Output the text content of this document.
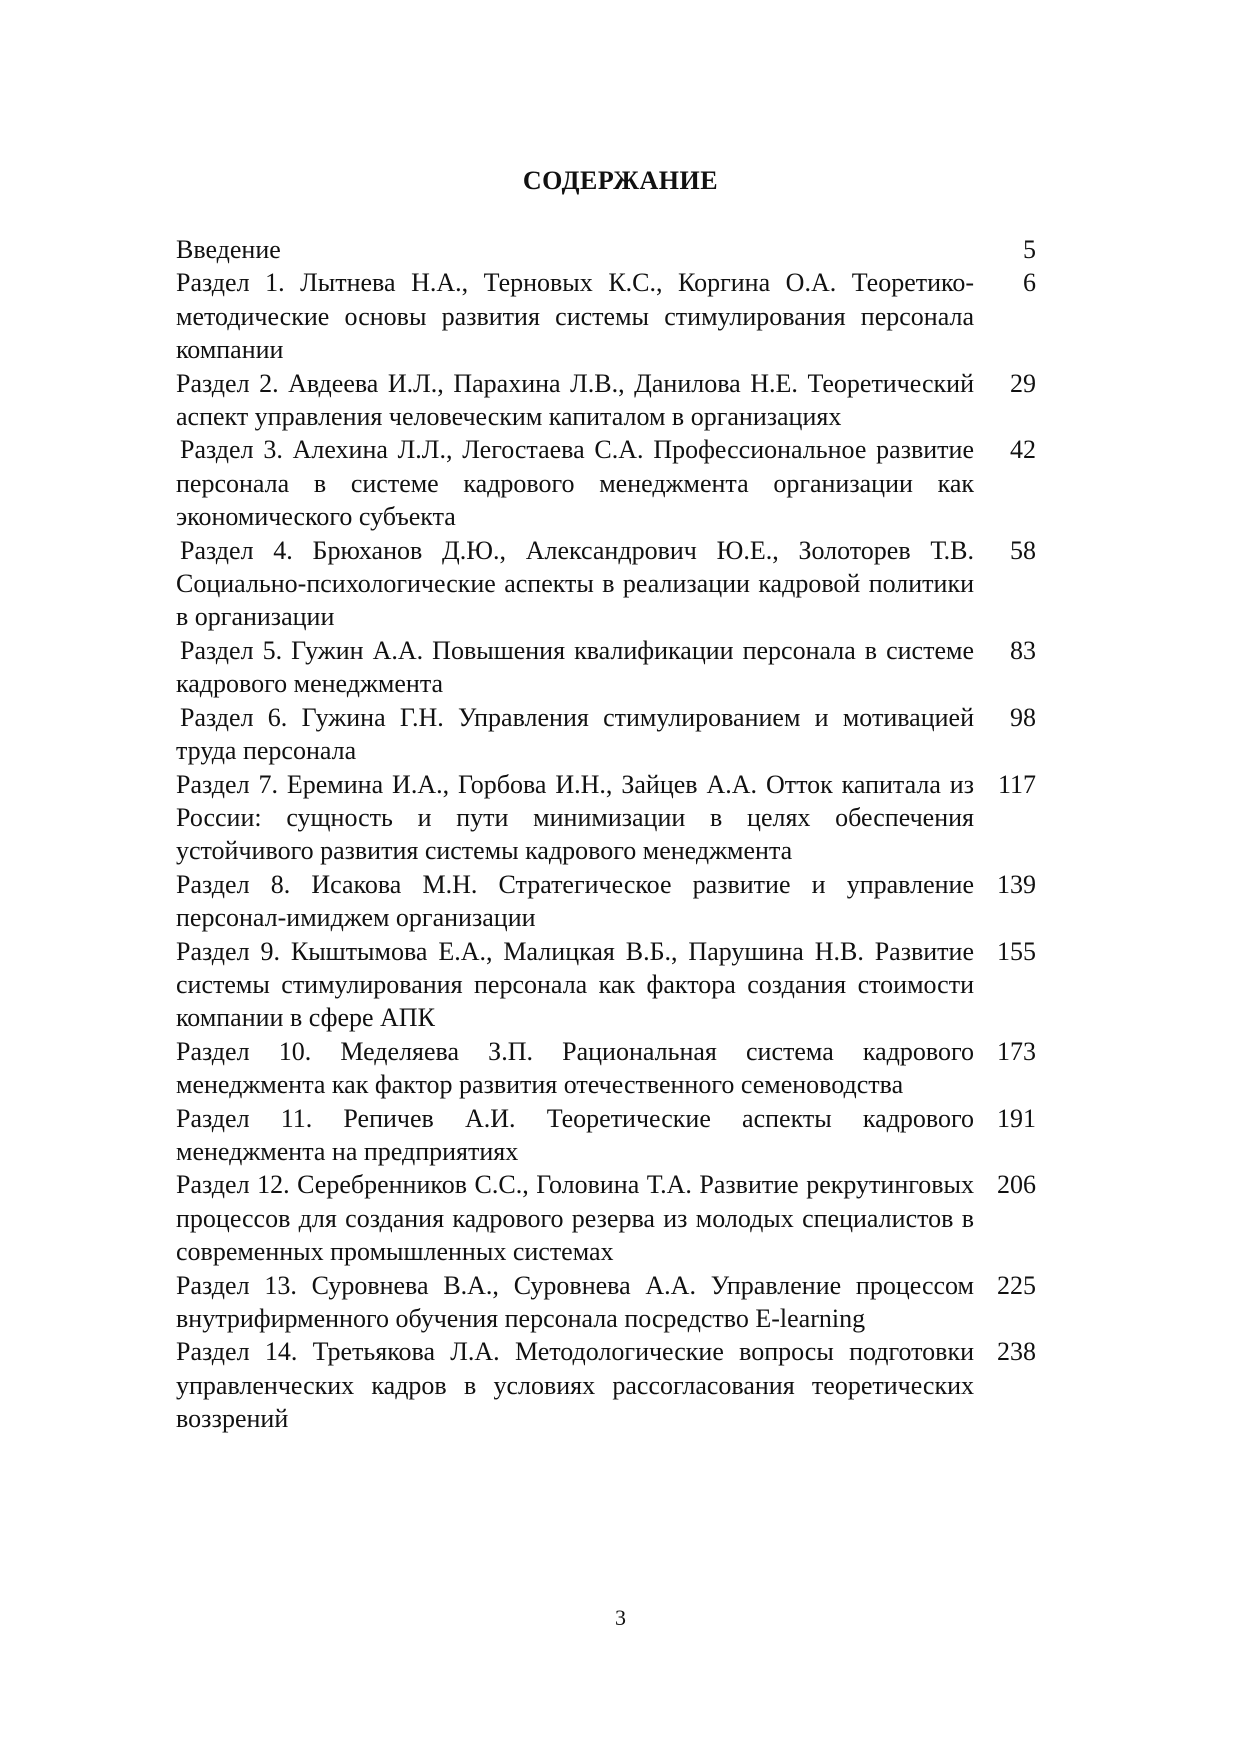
СОДЕРЖАНИЕ
Введение	5
Раздел 1. Лытнева Н.А., Терновых К.С., Коргина О.А. Теоретико-методические основы развития системы стимулирования персонала компании
6
Раздел 2. Авдеева И.Л., Парахина Л.В., Данилова Н.Е. Теоретический аспект управления человеческим капиталом в организациях
29
Раздел 3. Алехина Л.Л., Легостаева С.А. Профессиональное развитие персонала в системе кадрового менеджмента организации как экономического субъекта
42
Раздел 4. Брюханов Д.Ю., Александрович Ю.Е., Золоторев Т.В. Социально-психологические аспекты в реализации кадровой политики в организации
58
Раздел 5. Гужин А.А. Повышения квалификации персонала в системе кадрового менеджмента
83
Раздел 6. Гужина Г.Н. Управления стимулированием и мотивацией труда персонала
98
Раздел 7. Еремина И.А., Горбова И.Н., Зайцев А.А. Отток капитала из России: сущность и пути минимизации в целях обеспечения устойчивого развития системы кадрового менеджмента
117
Раздел 8. Исакова М.Н. Стратегическое развитие и управление персонал-имиджем организации
139
Раздел 9. Кыштымова Е.А., Малицкая В.Б., Парушина Н.В. Развитие системы стимулирования персонала как фактора создания стоимости компании в сфере АПК
155
Раздел 10. Меделяева З.П. Рациональная система кадрового менеджмента как фактор развития отечественного семеноводства
173
Раздел 11. Репичев А.И. Теоретические аспекты кадрового менеджмента на предприятиях
191
Раздел 12. Серебренников С.С., Головина Т.А. Развитие рекрутинговых процессов для создания кадрового резерва из молодых специалистов в современных промышленных системах
206
Раздел 13. Суровнева В.А., Суровнева А.А. Управление процессом внутрифирменного обучения персонала посредство E-learning
225
Раздел 14. Третьякова Л.А. Методологические вопросы подготовки управленческих кадров в условиях рассогласования теоретических воззрений
238
3
